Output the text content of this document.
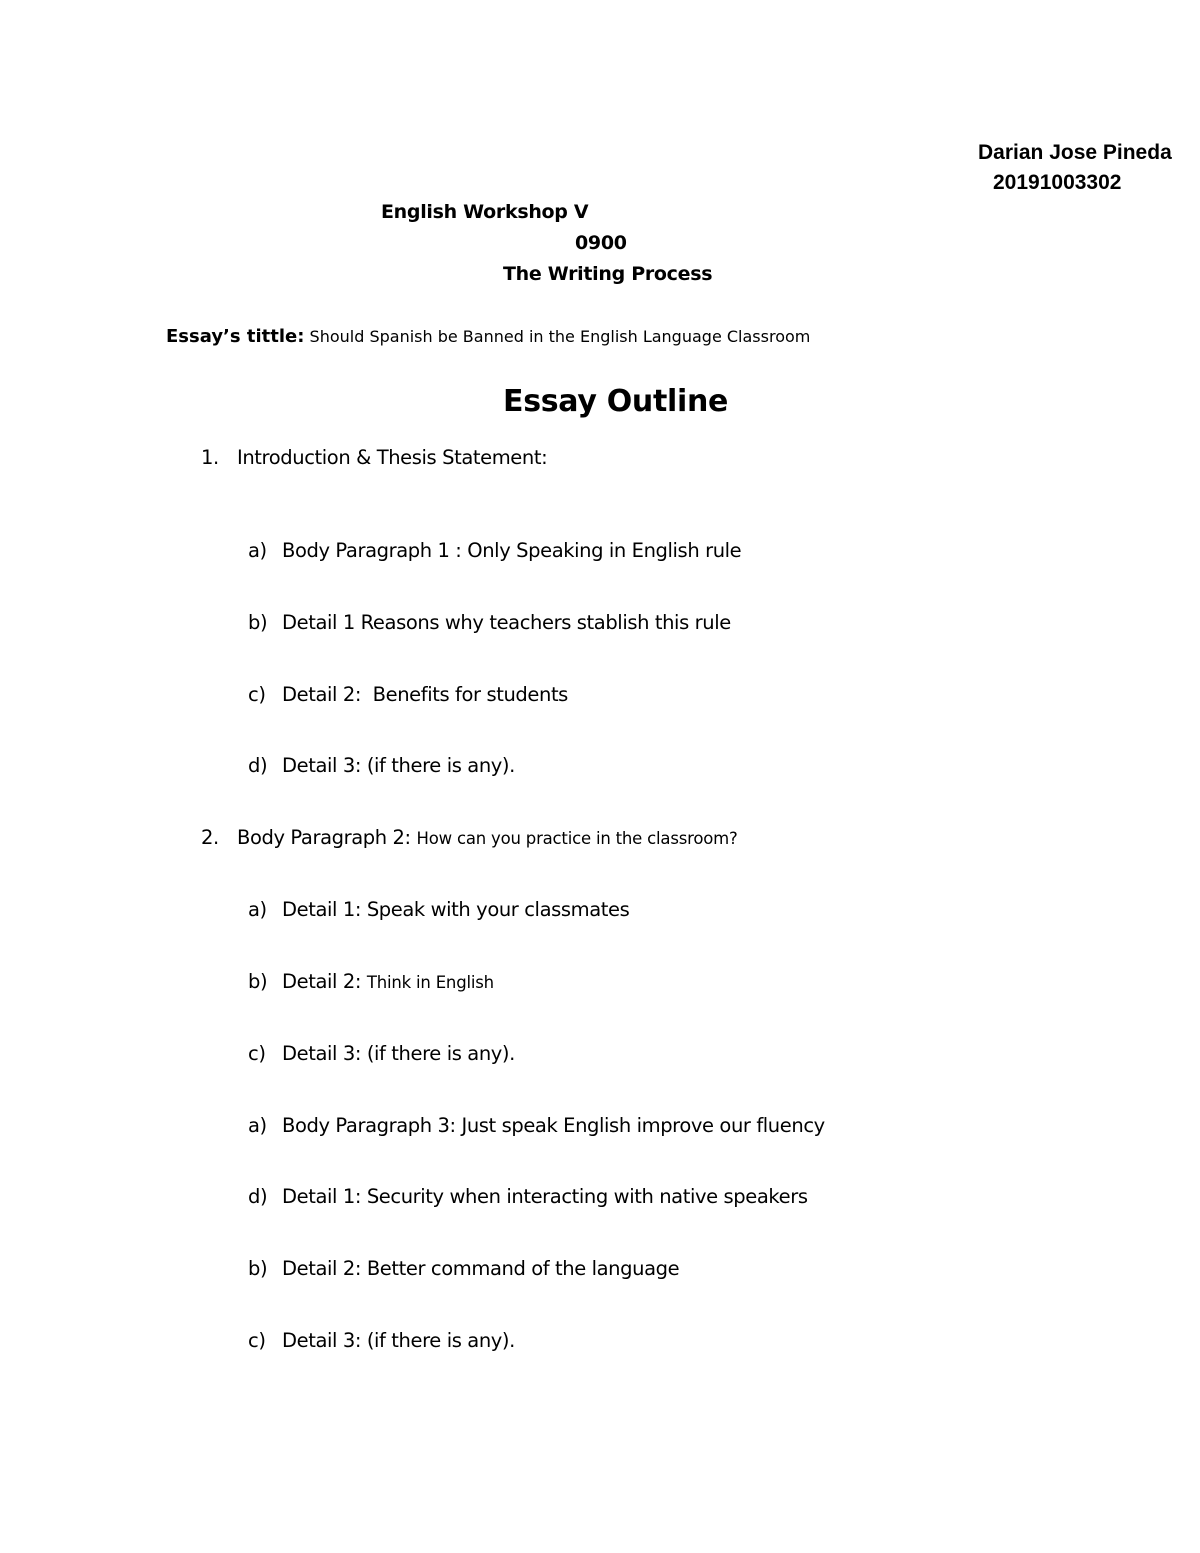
Darian Jose Pineda
20191003302
English Workshop V
0900
The Writing Process
Essay’s tittle: Should Spanish be Banned in the English Language Classroom
Essay Outline
1. Introduction & Thesis Statement:
a) Body Paragraph 1 : Only Speaking in English rule
b) Detail 1 Reasons why teachers stablish this rule
c) Detail 2:  Benefits for students
d) Detail 3: (if there is any).
2. Body Paragraph 2: How can you practice in the classroom?
a) Detail 1: Speak with your classmates
b) Detail 2: Think in English
c) Detail 3: (if there is any).
a) Body Paragraph 3: Just speak English improve our fluency
d) Detail 1: Security when interacting with native speakers
b) Detail 2: Better command of the language
c) Detail 3: (if there is any).
